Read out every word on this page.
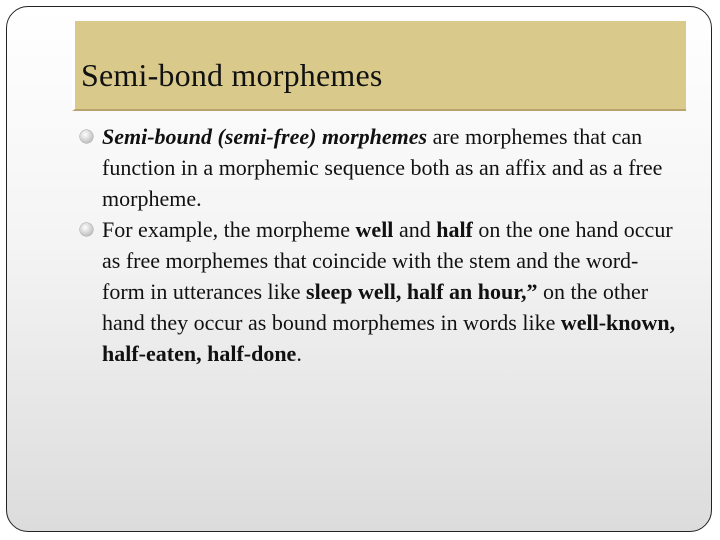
Semi-bond morphemes
Semi-bound (semi-free) morphemes are morphemes that can function in a morphemic sequence both as an affix and as a free morpheme.
For example, the morpheme well and half on the one hand occur as free morphemes that coincide with the stem and the word-form in utterances like sleep well, half an hour,” on the other hand they occur as bound morphemes in words like well-known, half-eaten, half-done.
